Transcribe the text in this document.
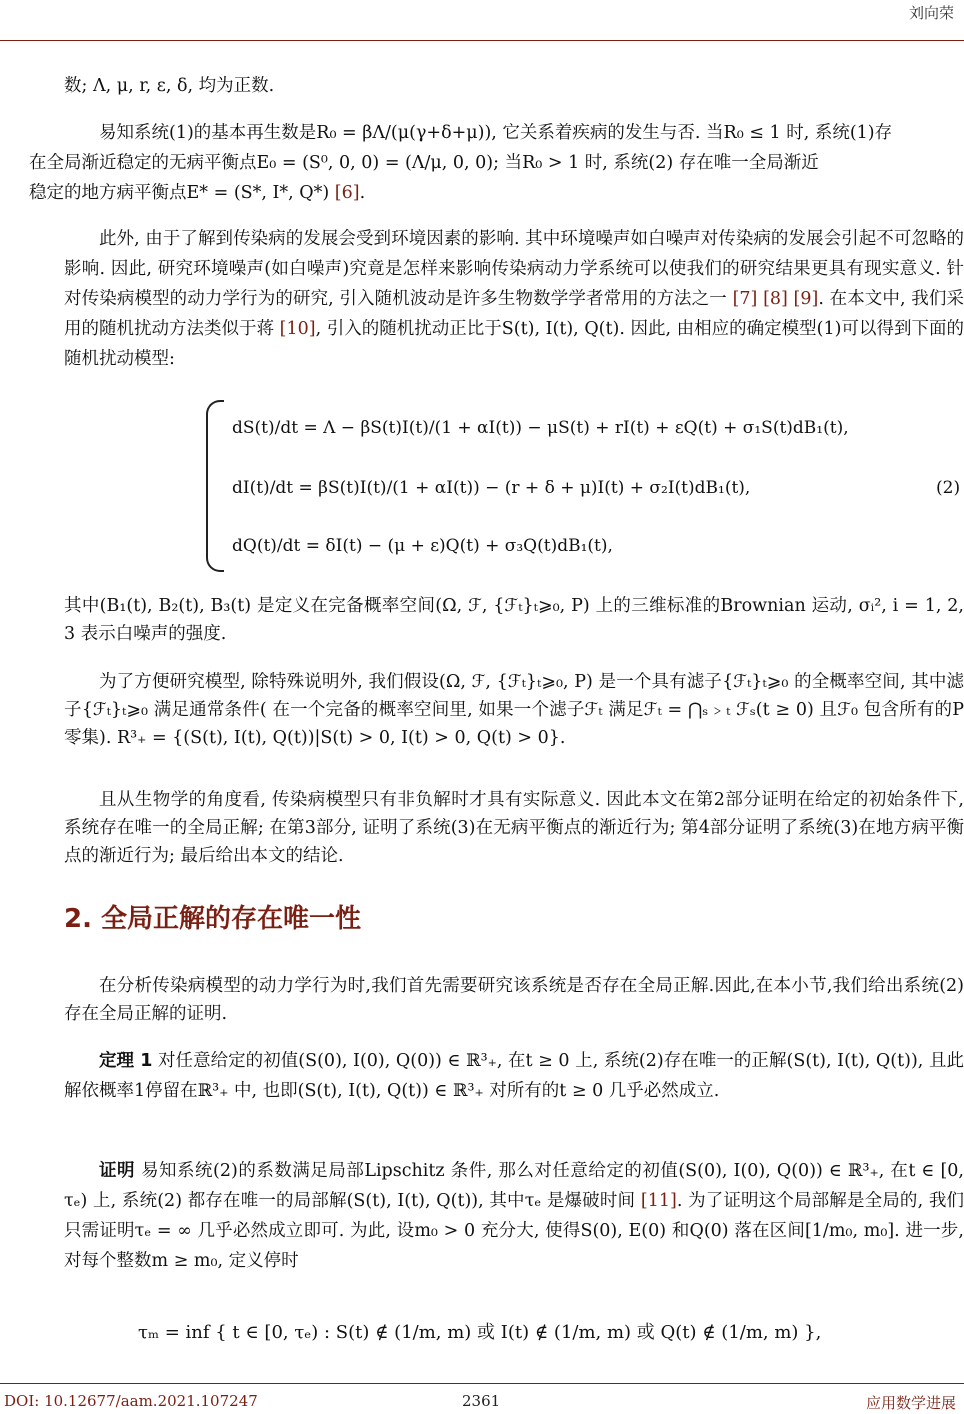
刘向荣
数; Λ, μ, r, ε, δ, 均为正数.
易知系统(1)的基本再生数是R₀ = βΛ/(μ(γ+δ+μ)), 它关系着疾病的发生与否. 当R₀ ≤ 1 时, 系统(1)存
在全局渐近稳定的无病平衡点E₀ = (S⁰, 0, 0) = (Λ/μ, 0, 0); 当R₀ > 1 时, 系统(2) 存在唯一全局渐近
稳定的地方病平衡点E* = (S*, I*, Q*) [6].
此外, 由于了解到传染病的发展会受到环境因素的影响. 其中环境噪声如白噪声对传染病的发展会引起不可忽略的影响. 因此, 研究环境噪声(如白噪声)究竟是怎样来影响传染病动力学系统可以使我们的研究结果更具有现实意义. 针对传染病模型的动力学行为的研究, 引入随机波动是许多生物数学学者常用的方法之一 [7] [8] [9]. 在本文中, 我们采用的随机扰动方法类似于蒋 [10], 引入的随机扰动正比于S(t), I(t), Q(t). 因此, 由相应的确定模型(1)可以得到下面的随机扰动模型:
dS(t)/dt = Λ − βS(t)I(t)/(1 + αI(t)) − μS(t) + rI(t) + εQ(t) + σ₁S(t)dB₁(t),
dI(t)/dt = βS(t)I(t)/(1 + αI(t)) − (r + δ + μ)I(t) + σ₂I(t)dB₁(t),
dQ(t)/dt = δI(t) − (μ + ε)Q(t) + σ₃Q(t)dB₁(t),
(2)
其中(B₁(t), B₂(t), B₃(t) 是定义在完备概率空间(Ω, ℱ, {ℱₜ}ₜ⩾₀, P) 上的三维标准的Brownian 运动, σᵢ², i = 1, 2, 3 表示白噪声的强度.
为了方便研究模型, 除特殊说明外, 我们假设(Ω, ℱ, {ℱₜ}ₜ⩾₀, P) 是一个具有滤子{ℱₜ}ₜ⩾₀ 的全概率空间, 其中滤子{ℱₜ}ₜ⩾₀ 满足通常条件( 在一个完备的概率空间里, 如果一个滤子ℱₜ 满足ℱₜ = ⋂ₛ﹥ₜ ℱₛ(t ≥ 0) 且ℱ₀ 包含所有的P 零集). R³₊ = {(S(t), I(t), Q(t))|S(t) > 0, I(t) > 0, Q(t) > 0}.
且从生物学的角度看, 传染病模型只有非负解时才具有实际意义. 因此本文在第2部分证明在给定的初始条件下, 系统存在唯一的全局正解; 在第3部分, 证明了系统(3)在无病平衡点的渐近行为; 第4部分证明了系统(3)在地方病平衡点的渐近行为; 最后给出本文的结论.
2. 全局正解的存在唯一性
在分析传染病模型的动力学行为时,我们首先需要研究该系统是否存在全局正解.因此,在本小节,我们给出系统(2)存在全局正解的证明.
定理 1 对任意给定的初值(S(0), I(0), Q(0)) ∈ ℝ³₊, 在t ≥ 0 上, 系统(2)存在唯一的正解(S(t), I(t), Q(t)), 且此解依概率1停留在ℝ³₊ 中, 也即(S(t), I(t), Q(t)) ∈ ℝ³₊ 对所有的t ≥ 0 几乎必然成立.
证明 易知系统(2)的系数满足局部Lipschitz 条件, 那么对任意给定的初值(S(0), I(0), Q(0)) ∈ ℝ³₊, 在t ∈ [0, τₑ) 上, 系统(2) 都存在唯一的局部解(S(t), I(t), Q(t)), 其中τₑ 是爆破时间 [11]. 为了证明这个局部解是全局的, 我们只需证明τₑ = ∞ 几乎必然成立即可. 为此, 设m₀ > 0 充分大, 使得S(0), E(0) 和Q(0) 落在区间[1/m₀, m₀]. 进一步, 对每个整数m ≥ m₀, 定义停时
τₘ = inf { t ∈ [0, τₑ) : S(t) ∉ (1/m, m) 或 I(t) ∉ (1/m, m) 或 Q(t) ∉ (1/m, m) },
DOI: 10.12677/aam.2021.107247	2361	应用数学进展
